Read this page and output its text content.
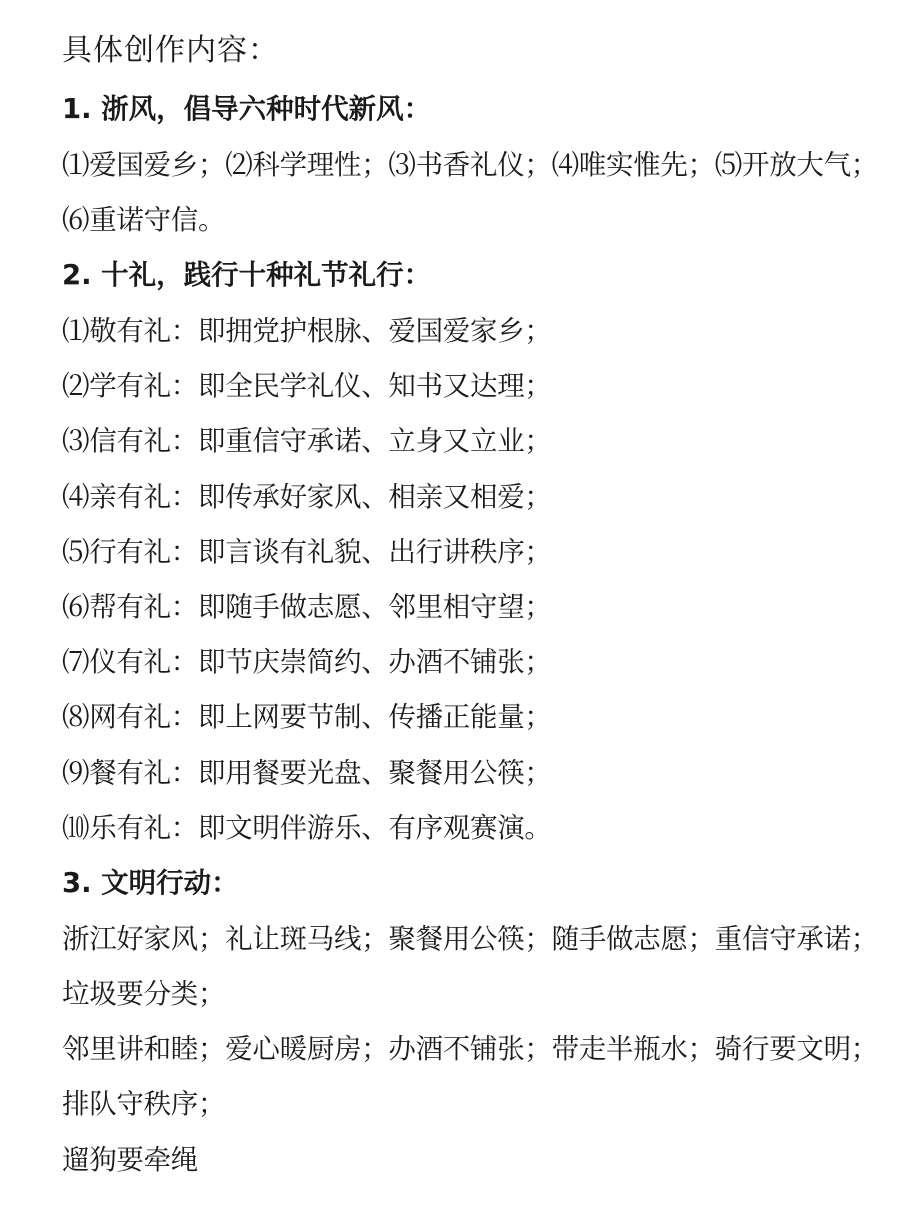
具体创作内容：
1. 浙风，倡导六种时代新风：
⑴爱国爱乡；⑵科学理性；⑶书香礼仪；⑷唯实惟先；⑸开放大气；
⑹重诺守信。
2. 十礼，践行十种礼节礼行：
⑴敬有礼：即拥党护根脉、爱国爱家乡；
⑵学有礼：即全民学礼仪、知书又达理；
⑶信有礼：即重信守承诺、立身又立业；
⑷亲有礼：即传承好家风、相亲又相爱；
⑸行有礼：即言谈有礼貌、出行讲秩序；
⑹帮有礼：即随手做志愿、邻里相守望；
⑺仪有礼：即节庆崇简约、办酒不铺张；
⑻网有礼：即上网要节制、传播正能量；
⑼餐有礼：即用餐要光盘、聚餐用公筷；
⑽乐有礼：即文明伴游乐、有序观赛演。
3. 文明行动：
浙江好家风；礼让斑马线；聚餐用公筷；随手做志愿；重信守承诺；
垃圾要分类；
邻里讲和睦；爱心暖厨房；办酒不铺张；带走半瓶水；骑行要文明；
排队守秩序；
遛狗要牵绳
